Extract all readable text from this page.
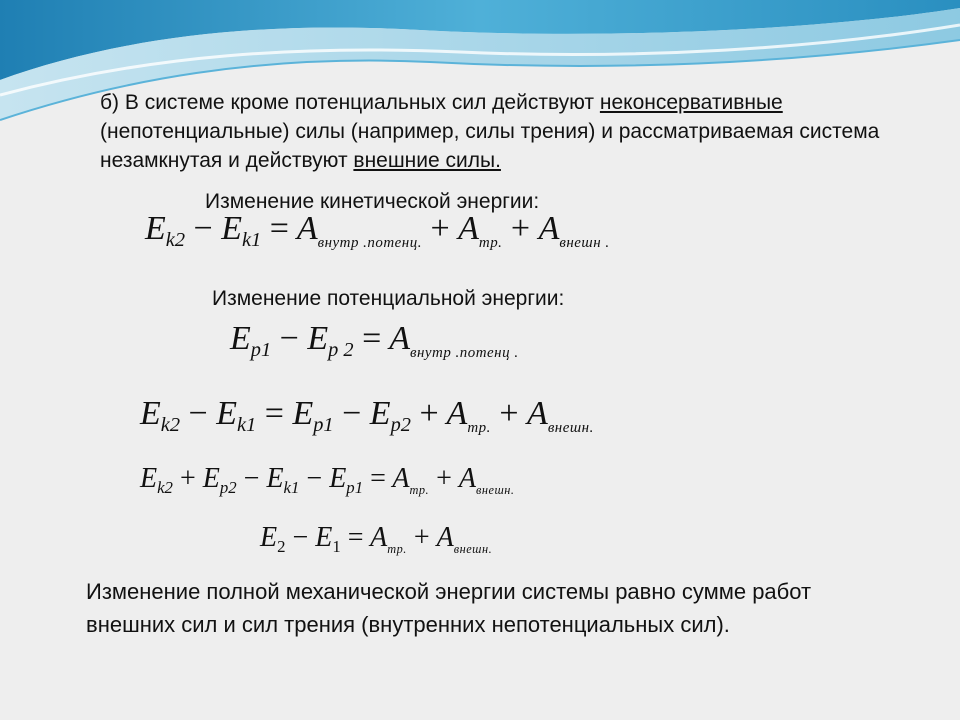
б) В системе кроме потенциальных сил действуют неконсервативные (непотенциальные) силы (например, силы трения) и рассматриваемая система незамкнутая и действуют внешние силы.

Изменение кинетической энергии:

$E_{k2} - E_{k1} = A_{внутр .потенц.} + A_{тр.} + A_{внешн .}$

Изменение потенциальной энергии:

$E_{p1} - E_{p 2} = A_{внутр .потенц .}$

$E_{k2} - E_{k1} = E_{p1} - E_{p2} + A_{тр.} + A_{внешн.}$

$E_{k2} + E_{p2} - E_{k1} - E_{p1} = A_{тр.} + A_{внешн.}$

$E_2 - E_1 = A_{тр.} + A_{внешн.}$

Изменение полной механической энергии системы равно сумме работ внешних сил и сил трения (внутренних непотенциальных сил).
